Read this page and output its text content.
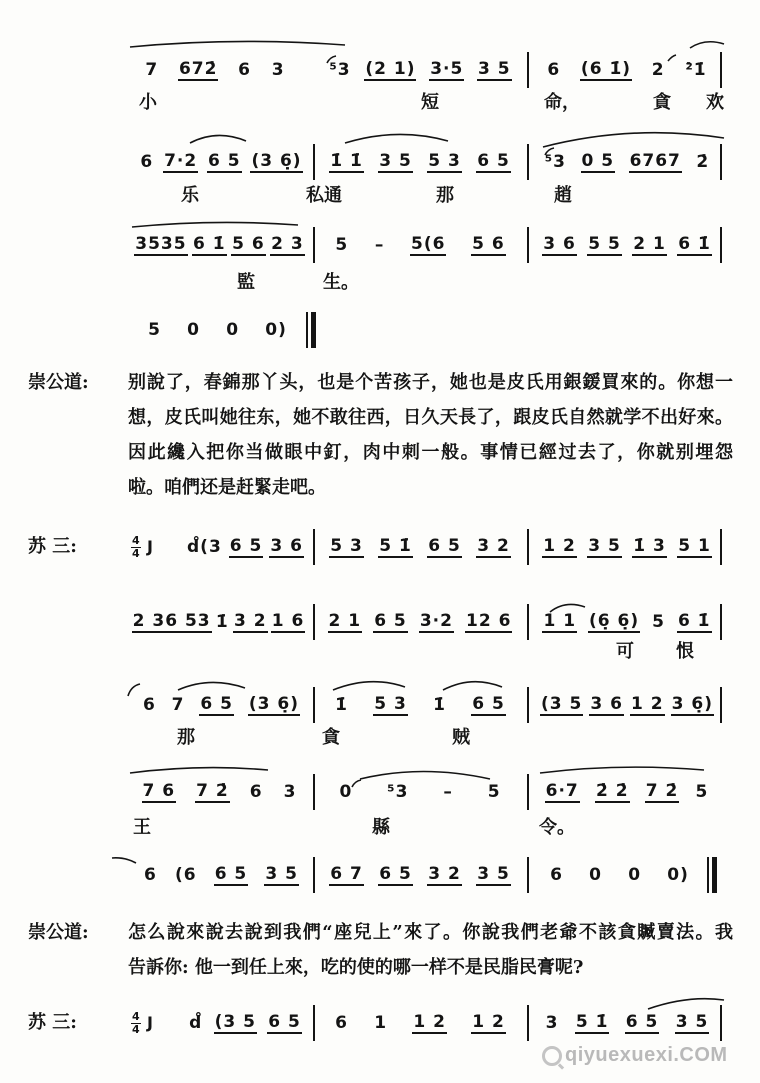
7 672̇ 6 3	⁵3 (2 1) 3·5 3 5 6 (6 1̇) 2 ²̇1̇
小	短	命，	貪 欢
6 7·2 6 5 (3 6̣) 1̇ 1̇ 3 5 5 3 6 5 ⁵3 0 5 6767 2̇
乐	私通	那	趙
3535 6 1̇ 5 6 2 3 5 – 5(6 5 6 3 6 5 5 2 1 6 1̇
監	生。
5 0 0 0)
崇公道: 别說了，春錦那丫头，也是个苦孩子，她也是皮氏用銀鍰買來的。你想一
想，皮氏叫她往东，她不敢往西，日久天長了，跟皮氏自然就学不出好來。
因此纔入把你当做眼中釘，肉中刺一般。事情已經过去了，你就别埋怨
啦。咱們还是赶緊走吧。
苏 三:	4
4 J d̊(3 6 5 3 6 5 3 5 1̇ 6 5 3 2 1 2 3 5 1̇ 3 5 1
2 36 53 1̇ 3 2 1 6 2 1 6 5 3·2 12 6 1 1 (6̣ 6̣) 5 6 1̇
可 恨
6 7 6 5 (3 6̣) 1̇ 5 3 1̇ 6 5 (3 5 3 6 1 2 3 6̣)
那	貪	贼
7 6 7 2̇ 6 3	0 ⁵3 – 5	6·7 2̇ 2̇ 7 2̇ 5
王	縣	令。
6 (6 6 5 3 5 6 7 6 5 3 2 3 5 6 0 0 0)
崇公道: 怎么說來說去說到我們“座兒上”來了。你說我們老爺不該貪贓賣法。我
告訴你: 他一到任上來，吃的使的哪一样不是民脂民膏呢?
苏 三:	4
4 J d̊ (3 5 6 5 6 1 1 2 1 2 3 5 1̇ 6 5 3 5
qiyuexuexi.COM
